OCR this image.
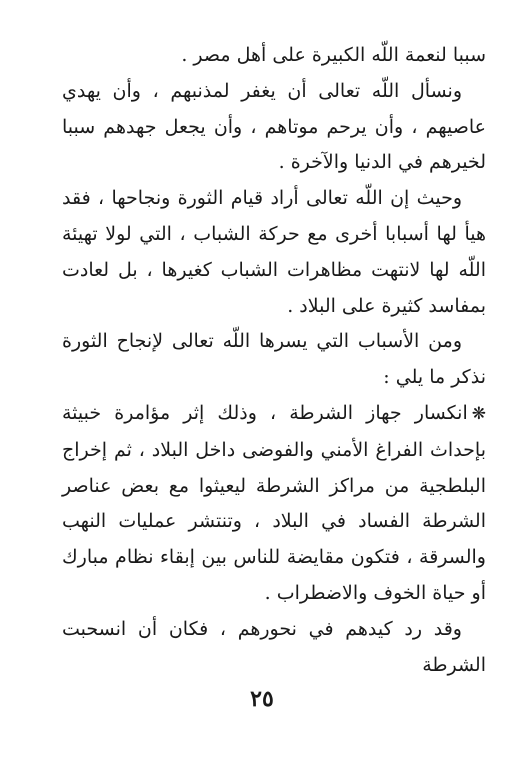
سببا لنعمة اللّه الكبيرة على أهل مصر .

ونسأل اللّه تعالى أن يغفر لمذنبهم ، وأن يهدي عاصيهم ، وأن يرحم موتاهم ، وأن يجعل جهدهم سببا لخيرهم في الدنيا والآخرة .

وحيث إن اللّه تعالى أراد قيام الثورة ونجاحها ، فقد هيأ لها أسبابا أخرى مع حركة الشباب ، التي لولا تهيئة اللّه لها لانتهت مظاهرات الشباب كغيرها ، بل لعادت بمفاسد كثيرة على البلاد .

ومن الأسباب التي يسرها اللّه تعالى لإنجاح الثورة نذكر ما يلي :

❋انكسار جهاز الشرطة ، وذلك إثر مؤامرة خبيثة بإحداث الفراغ الأمني والفوضى داخل البلاد ، ثم إخراج البلطجية من مراكز الشرطة ليعيثوا مع بعض عناصر الشرطة الفساد في البلاد ، وتنتشر عمليات النهب والسرقة ، فتكون مقايضة للناس بين إبقاء نظام مبارك أو حياة الخوف والاضطراب .

وقد رد كيدهم في نحورهم ، فكان أن انسحبت الشرطة

٢٥
